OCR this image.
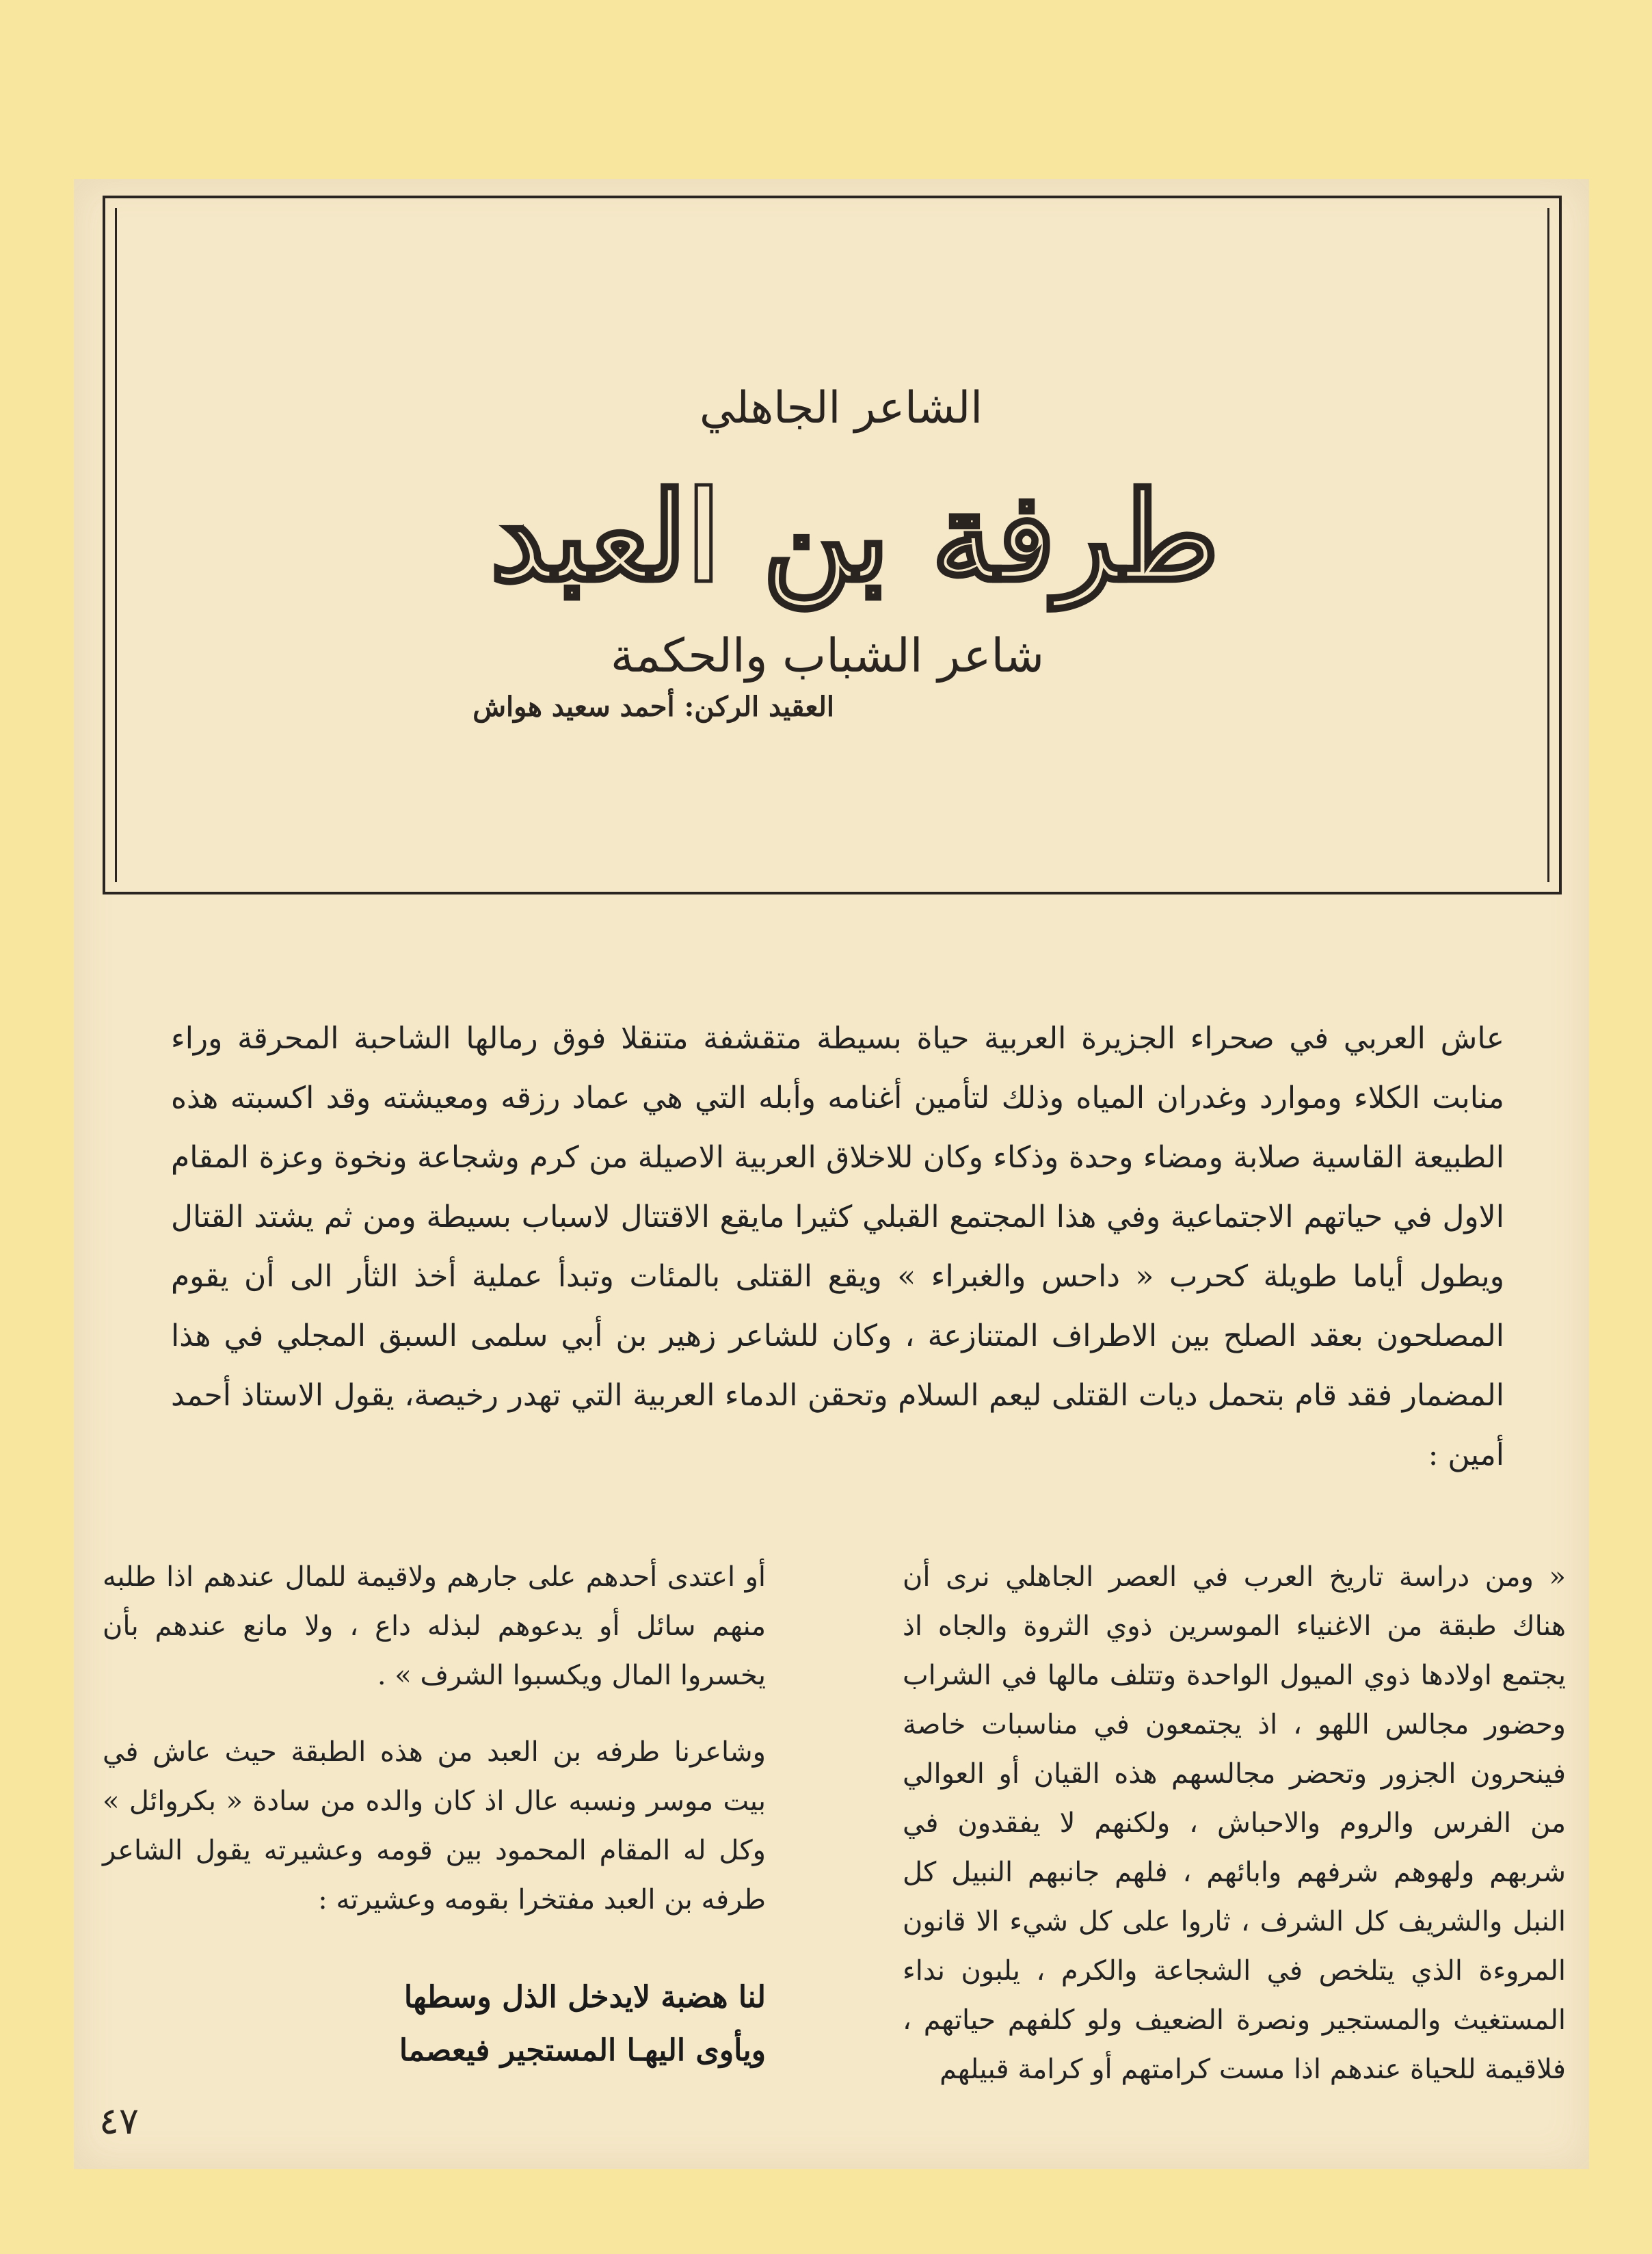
الشاعر الجاهلي
طرفة بن العبد
شاعر الشباب والحكمة
العقيد الركن: أحمد سعيد هواش

عاش العربي في صحراء الجزيرة العربية حياة بسيطة متقشفة متنقلا فوق رمالها الشاحبة المحرقة وراء منابت الكلاء وموارد وغدران المياه وذلك لتأمين أغنامه وأبله التي هي عماد رزقه ومعيشته وقد اكسبته هذه الطبيعة القاسية صلابة ومضاء وحدة وذكاء وكان للاخلاق العربية الاصيلة من كرم وشجاعة ونخوة وعزة المقام الاول في حياتهم الاجتماعية وفي هذا المجتمع القبلي كثيرا مايقع الاقتتال لاسباب بسيطة ومن ثم يشتد القتال ويطول أياما طويلة كحرب « داحس والغبراء » ويقع القتلى بالمئات وتبدأ عملية أخذ الثأر الى أن يقوم المصلحون بعقد الصلح بين الاطراف المتنازعة ، وكان للشاعر زهير بن أبي سلمى السبق المجلي في هذا المضمار فقد قام بتحمل ديات القتلى ليعم السلام وتحقن الدماء العربية التي تهدر رخيصة، يقول الاستاذ أحمد أمين :

« ومن دراسة تاريخ العرب في العصر الجاهلي نرى أن هناك طبقة من الاغنياء الموسرين ذوي الثروة والجاه اذ يجتمع اولادها ذوي الميول الواحدة وتتلف مالها في الشراب وحضور مجالس اللهو ، اذ يجتمعون في مناسبات خاصة فينحرون الجزور وتحضر مجالسهم هذه القيان أو العوالي من الفرس والروم والاحباش ، ولكنهم لا يفقدون في شربهم ولهوهم شرفهم وابائهم ، فلهم جانبهم النبيل كل النبل والشريف كل الشرف ، ثاروا على كل شيء الا قانون المروءة الذي يتلخص في الشجاعة والكرم ، يلبون نداء المستغيث والمستجير ونصرة الضعيف ولو كلفهم حياتهم ، فلاقيمة للحياة عندهم اذا مست كرامتهم أو كرامة قبيلهم

أو اعتدى أحدهم على جارهم ولاقيمة للمال عندهم اذا طلبه منهم سائل أو يدعوهم لبذله داع ، ولا مانع عندهم بأن يخسروا المال ويكسبوا الشرف » .

وشاعرنا طرفه بن العبد من هذه الطبقة حيث عاش في بيت موسر ونسبه عال اذ كان والده من سادة « بكروائل » وكل له المقام المحمود بين قومه وعشيرته يقول الشاعر طرفه بن العبد مفتخرا بقومه وعشيرته :

لنا هضبة لايدخل الذل وسطها
ويأوى اليهـا المستجير فيعصما
٤٧
